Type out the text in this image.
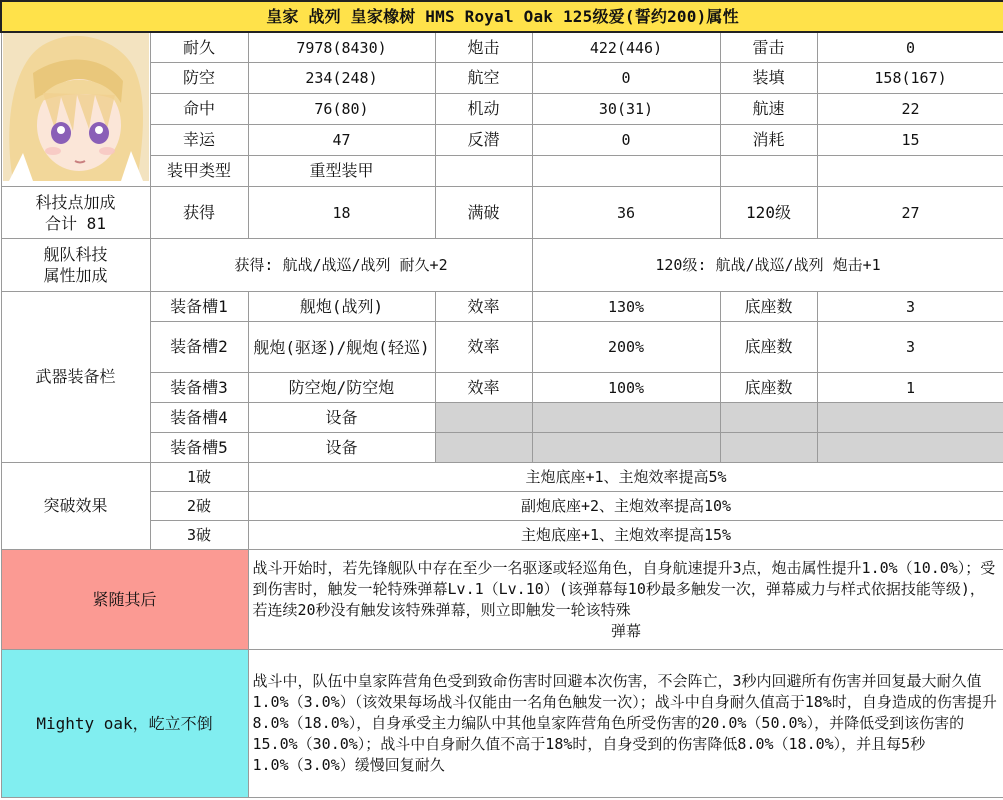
皇家 战列 皇家橡树 HMS Royal Oak 125级爱(誓约200)属性						
	耐久	7978(8430)	炮击	422(446)	雷击	0
	防空	234(248)	航空	0	装填	158(167)
	命中	76(80)	机动	30(31)	航速	22
	幸运	47	反潜	0	消耗	15
	装甲类型	重型装甲				
科技点加成
合计 81	获得	18	满破	36	120级	27
舰队科技
属性加成	获得: 航战/战巡/战列 耐久+2			120级: 航战/战巡/战列 炮击+1		
武器装备栏	装备槽1	舰炮(战列)	效率	130%	底座数	3
	装备槽2	舰炮(驱逐)/舰炮(轻巡)	效率	200%	底座数	3
	装备槽3	防空炮/防空炮	效率	100%	底座数	1
	装备槽4	设备				
	装备槽5	设备				
突破效果	1破	主炮底座+1、主炮效率提高5%				
	2破	副炮底座+2、主炮效率提高10%				
	3破	主炮底座+1、主炮效率提高15%				
紧随其后		战斗开始时，若先锋舰队中存在至少一名驱逐或轻巡角色，自身航速提升3点，炮击属性提升1.0%（10.0%）；受到伤害时，触发一轮特殊弹幕Lv.1（Lv.10）(该弹幕每10秒最多触发一次，弹幕威力与样式依据技能等级)，若连续20秒没有触发该特殊弹幕，则立即触发一轮该特殊
弹幕				

Mighty oak，屹立不倒		战斗中，队伍中皇家阵营角色受到致命伤害时回避本次伤害，不会阵亡，3秒内回避所有伤害并回复最大耐久值1.0%（3.0%）（该效果每场战斗仅能由一名角色触发一次）；战斗中自身耐久值高于18%时，自身造成的伤害提升8.0%（18.0%），自身承受主力编队中其他皇家阵营角色所受伤害的20.0%（50.0%），并降低受到该伤害的15.0%（30.0%）；战斗中自身耐久值不高于18%时，自身受到的伤害降低8.0%（18.0%），并且每5秒1.0%（3.0%）缓慢回复耐久				
